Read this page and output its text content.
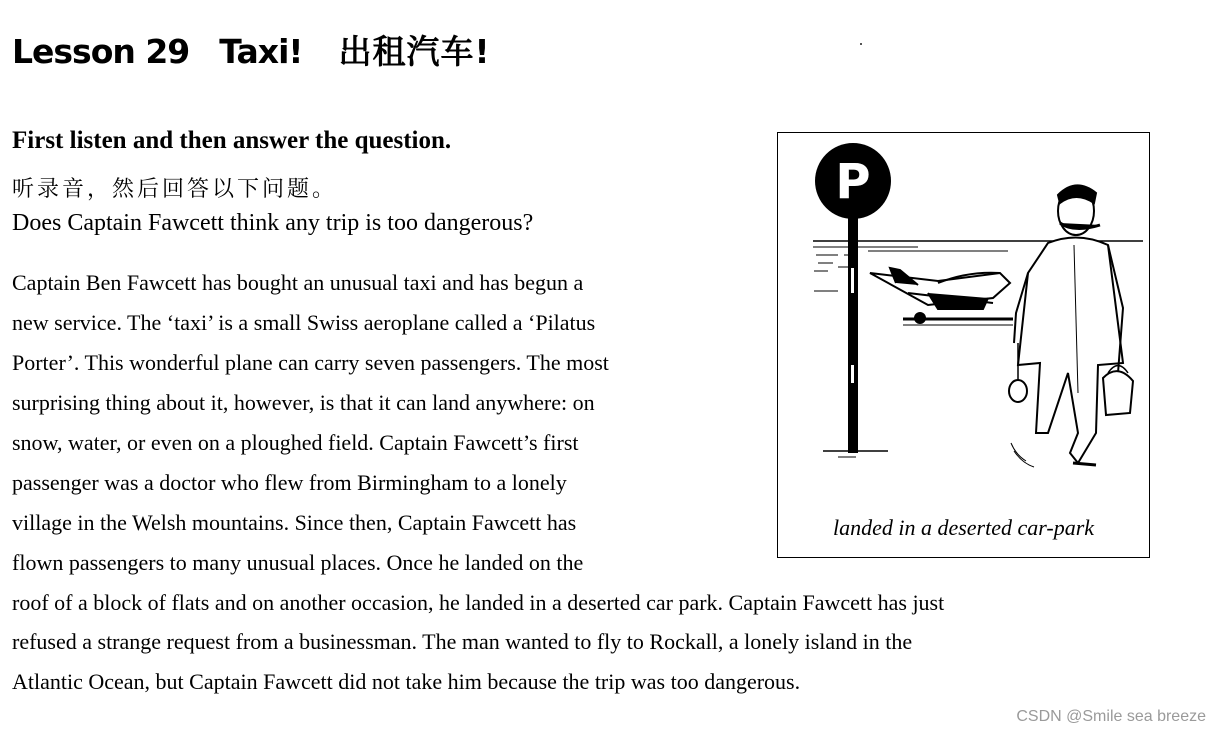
Lesson 29 Taxi! 出租汽车!

First listen and then answer the question.

听录音，然后回答以下问题。

Does Captain Fawcett think any trip is too dangerous?

Captain Ben Fawcett has bought an unusual taxi and has begun a
new service. The ‘taxi’ is a small Swiss aeroplane called a ‘Pilatus
Porter’. This wonderful plane can carry seven passengers. The most
surprising thing about it, however, is that it can land anywhere: on
snow, water, or even on a ploughed field. Captain Fawcett’s first
passenger was a doctor who flew from Birmingham to a lonely
village in the Welsh mountains. Since then, Captain Fawcett has
flown passengers to many unusual places. Once he landed on the
roof of a block of flats and on another occasion, he landed in a deserted car park. Captain Fawcett has just
refused a strange request from a businessman. The man wanted to fly to Rockall, a lonely island in the
Atlantic Ocean, but Captain Fawcett did not take him because the trip was too dangerous.
P
landed in a deserted car-park
CSDN @Smile sea breeze
